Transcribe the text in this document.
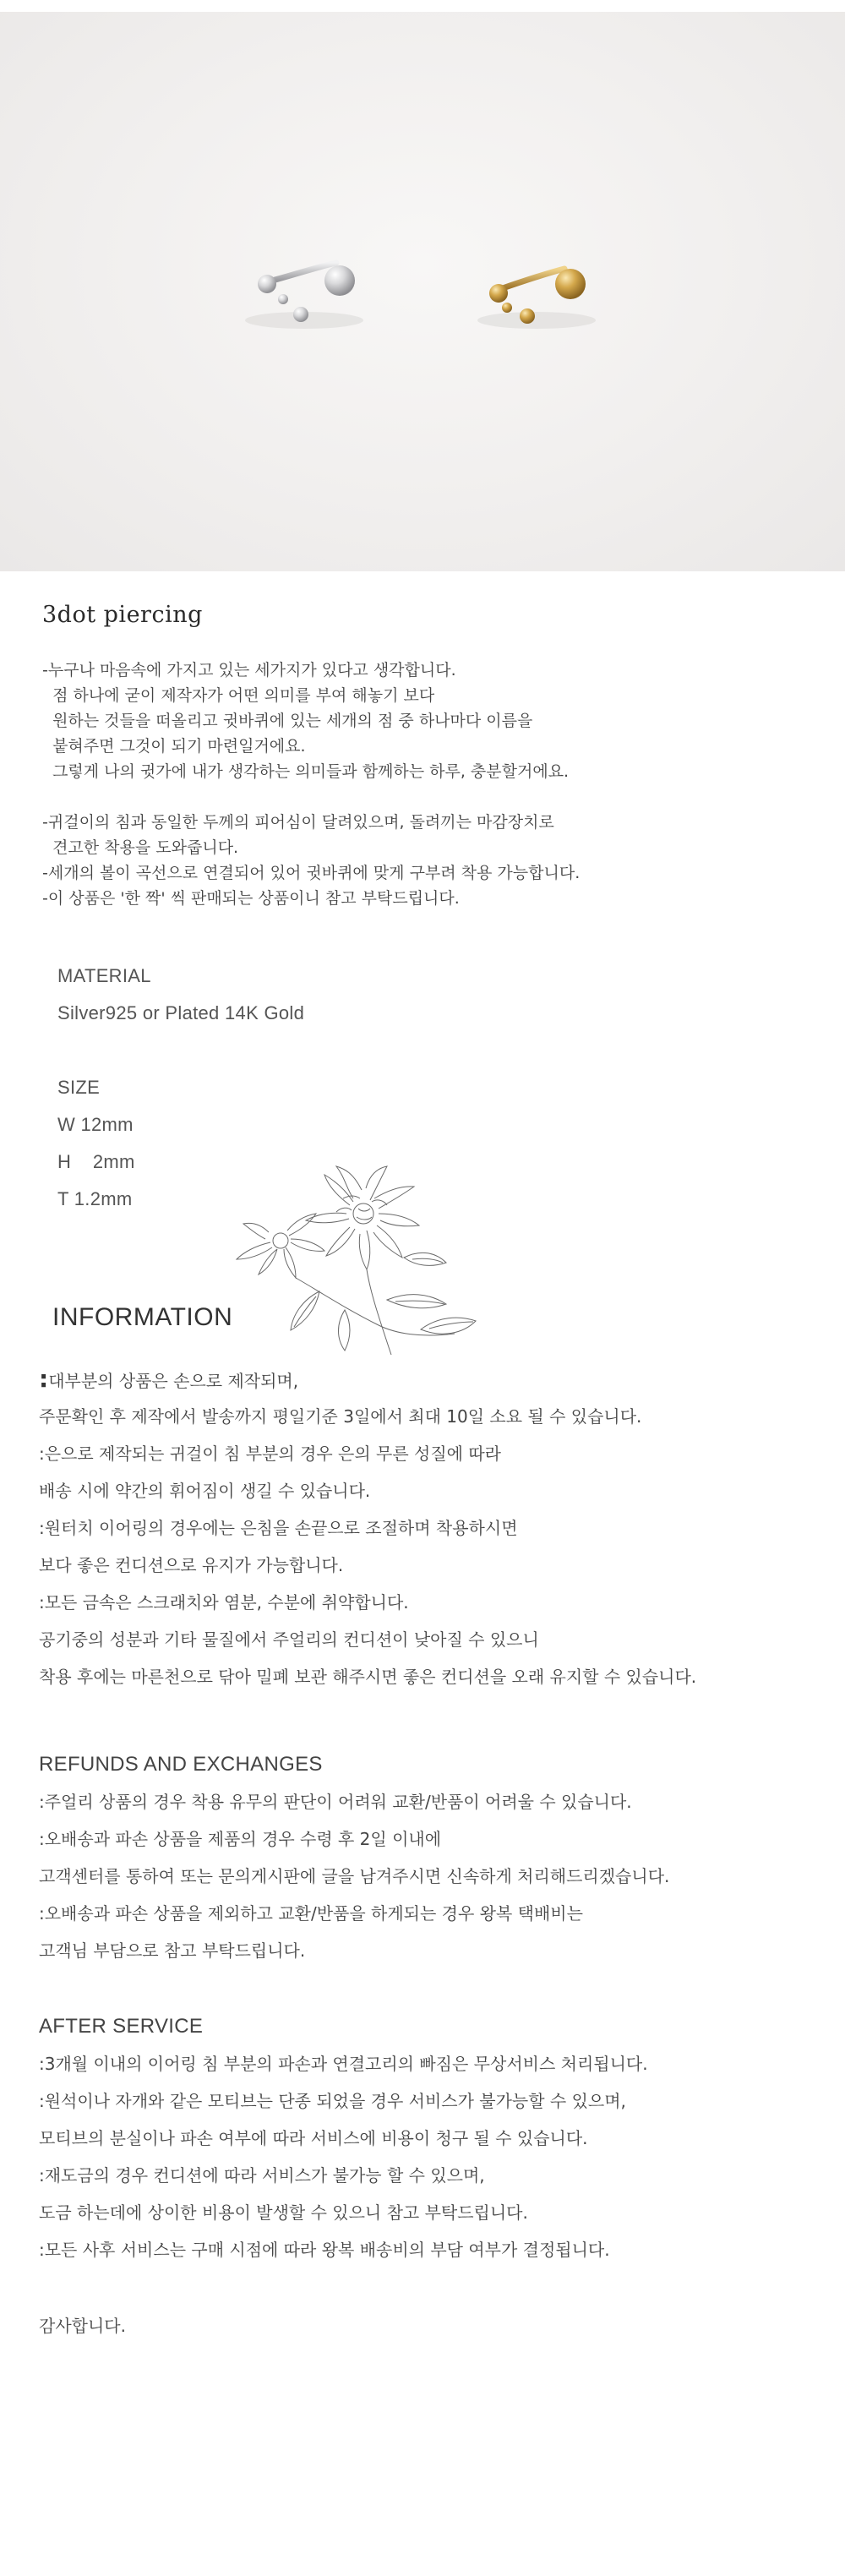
3dot piercing
-누구나 마음속에 가지고 있는 세가지가 있다고 생각합니다.
점 하나에 굳이 제작자가 어떤 의미를 부여 해놓기 보다
원하는 것들을 떠올리고 귓바퀴에 있는 세개의 점 중 하나마다 이름을
붙혀주면 그것이 되기 마련일거에요.
그렇게 나의 귓가에 내가 생각하는 의미들과 함께하는 하루, 충분할거에요.
-귀걸이의 침과 동일한 두께의 피어심이 달려있으며, 돌려끼는 마감장치로
견고한 착용을 도와줍니다.
-세개의 볼이 곡선으로 연결되어 있어 귓바퀴에 맞게 구부려 착용 가능합니다.
-이 상품은 '한 짝' 씩 판매되는 상품이니 참고 부탁드립니다.
MATERIAL
Silver925 or Plated 14K Gold
SIZE
W 12mm
H    2mm
T 1.2mm
INFORMATION
:대부분의 상품은 손으로 제작되며,
주문확인 후 제작에서 발송까지 평일기준 3일에서 최대 10일 소요 될 수 있습니다.
:은으로 제작되는 귀걸이 침 부분의 경우 은의 무른 성질에 따라
배송 시에 약간의 휘어짐이 생길 수 있습니다.
:원터치 이어링의 경우에는 은침을 손끝으로 조절하며 착용하시면
보다 좋은 컨디션으로 유지가 가능합니다.
:모든 금속은 스크래치와 염분, 수분에 취약합니다.
공기중의 성분과 기타 물질에서 주얼리의 컨디션이 낮아질 수 있으니
착용 후에는 마른천으로 닦아 밀폐 보관 해주시면 좋은 컨디션을 오래 유지할 수 있습니다.
REFUNDS AND EXCHANGES
:주얼리 상품의 경우 착용 유무의 판단이 어려워 교환/반품이 어려울 수 있습니다.
:오배송과 파손 상품을 제품의 경우 수령 후 2일 이내에
고객센터를 통하여 또는 문의게시판에 글을 남겨주시면 신속하게 처리해드리겠습니다.
:오배송과 파손 상품을 제외하고 교환/반품을 하게되는 경우 왕복 택배비는
고객님 부담으로 참고 부탁드립니다.
AFTER SERVICE
:3개월 이내의 이어링 침 부분의 파손과 연결고리의 빠짐은 무상서비스 처리됩니다.
:원석이나 자개와 같은 모티브는 단종 되었을 경우 서비스가 불가능할 수 있으며,
모티브의 분실이나 파손 여부에 따라 서비스에 비용이 청구 될 수 있습니다.
:재도금의 경우 컨디션에 따라 서비스가 불가능 할 수 있으며,
도금 하는데에 상이한 비용이 발생할 수 있으니 참고 부탁드립니다.
:모든 사후 서비스는 구매 시점에 따라 왕복 배송비의 부담 여부가 결정됩니다.
감사합니다.
